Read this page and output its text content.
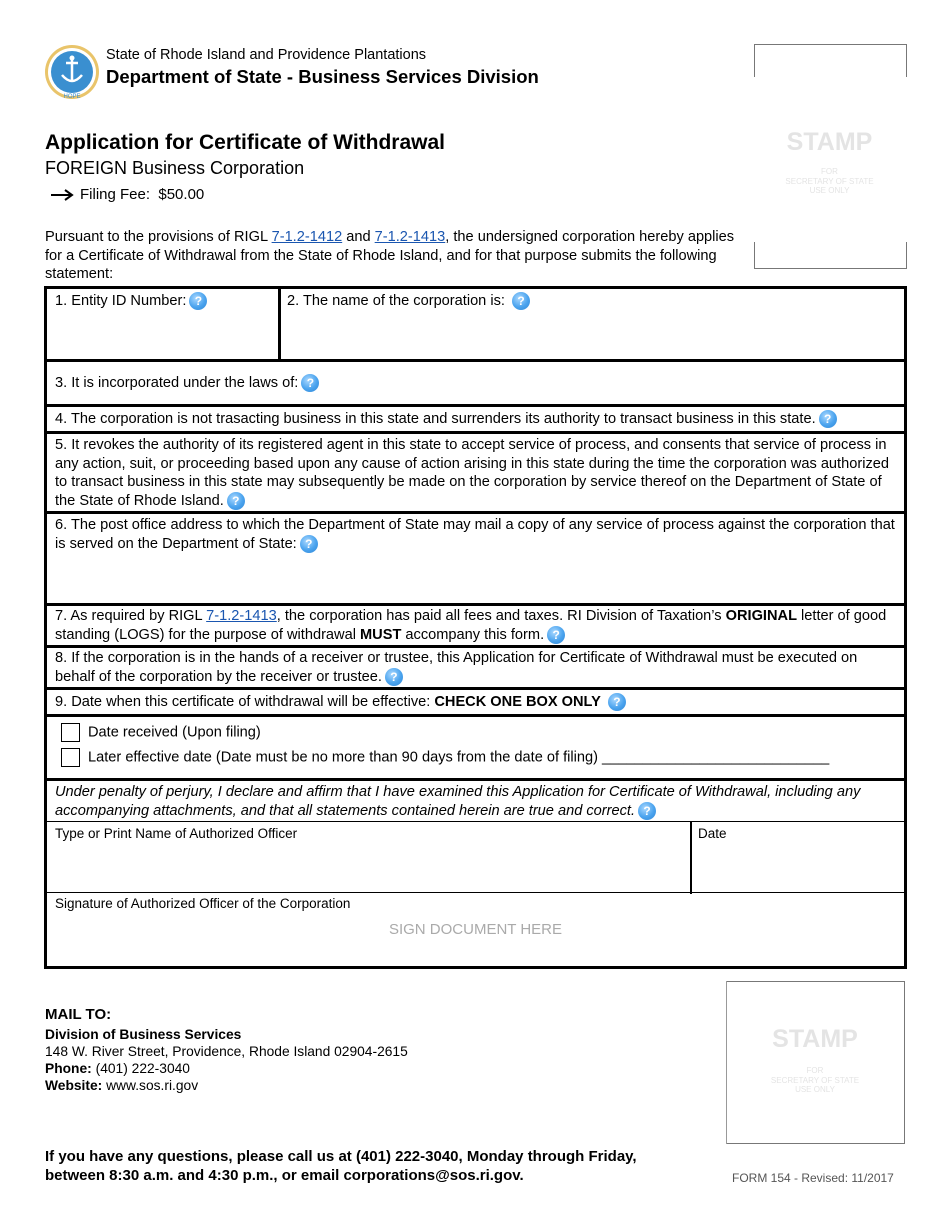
HOPE
State of Rhode Island and Providence Plantations
Department of State - Business Services Division
Application for Certificate of Withdrawal
FOREIGN Business Corporation
Filing Fee:
$50.00
Pursuant to the provisions of RIGL 7-1.2-1412 and 7-1.2-1413, the undersigned corporation hereby applies for a Certificate of Withdrawal from the State of Rhode Island, and for that purpose submits the following statement:
STAMP
FOR
SECRETARY OF STATE
USE ONLY
1. Entity ID Number: ?	2. The name of the corporation is: ?
3. It is incorporated under the laws of: ?
4. The corporation is not trasacting business in this state and surrenders its authority to transact business in this state. ?
5. It revokes the authority of its registered agent in this state to accept service of process, and consents that service of process in any action, suit, or proceeding based upon any cause of action arising in this state during the time the corporation was authorized to transact business in this state may subsequently be made on the corporation by service thereof on the Department of State of the State of Rhode Island. ?
6. The post office address to which the Department of State may mail a copy of any service of process against the corporation that is served on the Department of State: ?
7. As required by RIGL 7-1.2-1413, the corporation has paid all fees and taxes. RI Division of Taxation’s ORIGINAL letter of good standing (LOGS) for the purpose of withdrawal MUST accompany this form. ?
8. If the corporation is in the hands of a receiver or trustee, this Application for Certificate of Withdrawal must be executed on behalf of the corporation by the receiver or trustee. ?
9. Date when this certificate of withdrawal will be effective: CHECK ONE BOX ONLY ?
Date received (Upon filing)
Later effective date (Date must be no more than 90 days from the date of filing) ____________________________
Under penalty of perjury, I declare and affirm that I have examined this Application for Certificate of Withdrawal, including any accompanying attachments, and that all statements contained herein are true and correct. ?
Type or Print Name of Authorized Officer	Date
Signature of Authorized Officer of the Corporation
SIGN DOCUMENT HERE
MAIL TO:
Division of Business Services
148 W. River Street, Providence, Rhode Island 02904-2615
Phone: (401) 222-3040
Website: www.sos.ri.gov
STAMP
FOR
SECRETARY OF STATE
USE ONLY
If you have any questions, please call us at (401) 222-3040, Monday through Friday,
between 8:30 a.m. and 4:30 p.m., or email corporations@sos.ri.gov.	FORM 154 - Revised: 11/2017
